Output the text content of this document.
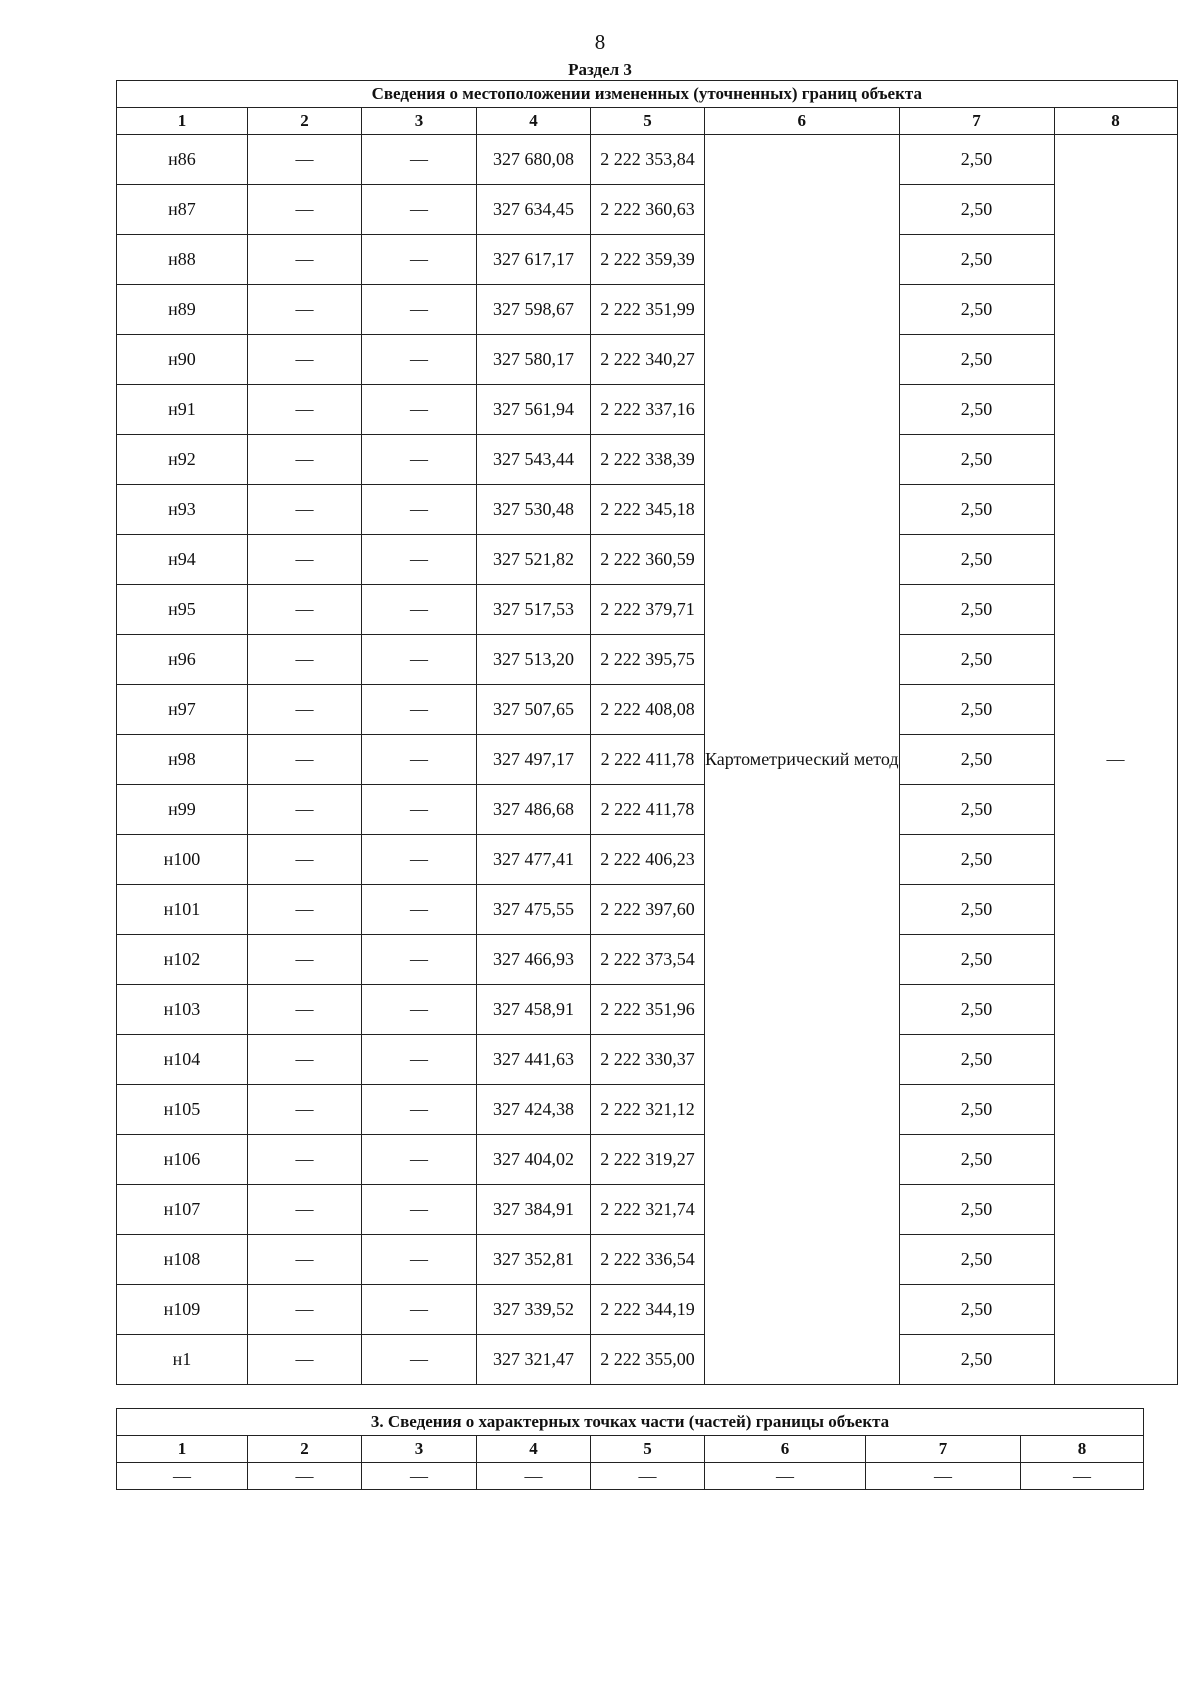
8
Раздел 3
Сведения о местоположении измененных (уточненных) границ объекта							
1	2	3	4	5	6	7	8
н86	—	—	327 680,08	2 222 353,84	Картометрический метод	2,50	—
н87	—	—	327 634,45	2 222 360,63		2,50	
н88	—	—	327 617,17	2 222 359,39		2,50	
н89	—	—	327 598,67	2 222 351,99		2,50	
н90	—	—	327 580,17	2 222 340,27		2,50	
н91	—	—	327 561,94	2 222 337,16		2,50	
н92	—	—	327 543,44	2 222 338,39		2,50	
н93	—	—	327 530,48	2 222 345,18		2,50	
н94	—	—	327 521,82	2 222 360,59		2,50	
н95	—	—	327 517,53	2 222 379,71		2,50	
н96	—	—	327 513,20	2 222 395,75		2,50	
н97	—	—	327 507,65	2 222 408,08		2,50	
н98	—	—	327 497,17	2 222 411,78		2,50	
н99	—	—	327 486,68	2 222 411,78		2,50	
н100	—	—	327 477,41	2 222 406,23		2,50	
н101	—	—	327 475,55	2 222 397,60		2,50	
н102	—	—	327 466,93	2 222 373,54		2,50	
н103	—	—	327 458,91	2 222 351,96		2,50	
н104	—	—	327 441,63	2 222 330,37		2,50	
н105	—	—	327 424,38	2 222 321,12		2,50	
н106	—	—	327 404,02	2 222 319,27		2,50	
н107	—	—	327 384,91	2 222 321,74		2,50	
н108	—	—	327 352,81	2 222 336,54		2,50	
н109	—	—	327 339,52	2 222 344,19		2,50	
н1	—	—	327 321,47	2 222 355,00		2,50	
3. Сведения о характерных точках части (частей) границы объекта							
1	2	3	4	5	6	7	8
—	—	—	—	—	—	—	—
